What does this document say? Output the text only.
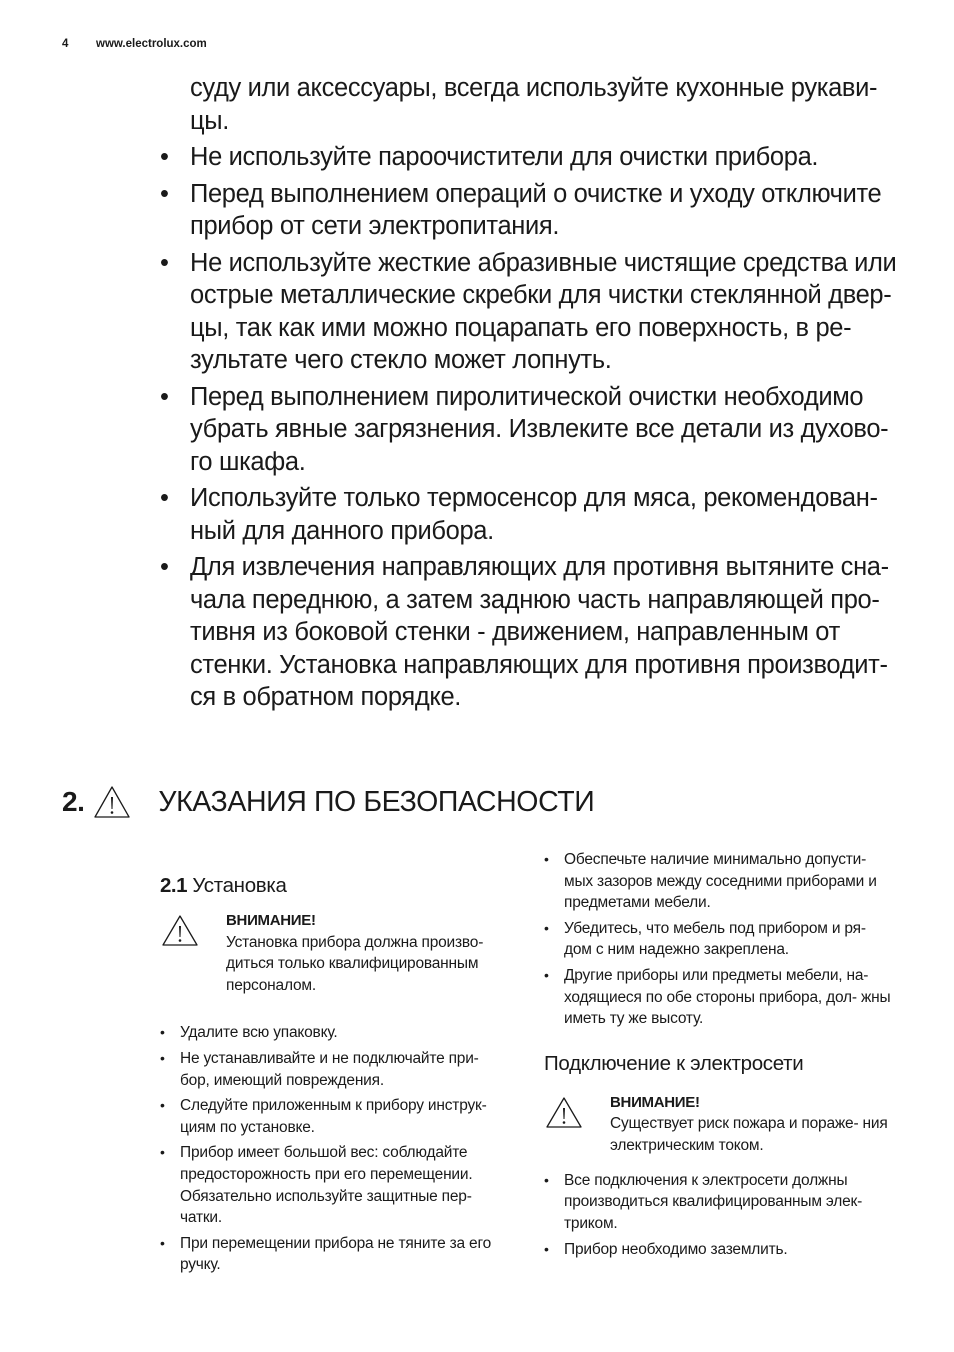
4 www.electrolux.com
суду или аксессуары, всегда используйте кухонные рукави- цы.
• Не используйте пароочистители для очистки прибора.
• Перед выполнением операций о очистке и уходу отключите прибор от сети электропитания.
• Не используйте жесткие абразивные чистящие средства или острые металлические скребки для чистки стеклянной двер- цы, так как ими можно поцарапать его поверхность, в ре- зультате чего стекло может лопнуть.
• Перед выполнением пиролитической очистки необходимо убрать явные загрязнения. Извлеките все детали из духово- го шкафа.
• Используйте только термосенсор для мяса, рекомендован- ный для данного прибора.
• Для извлечения направляющих для противня вытяните сна- чала переднюю, а затем заднюю часть направляющей про- тивня из боковой стенки - движением, направленным от стенки. Установка направляющих для противня производит- ся в обратном порядке.
2.	УКАЗАНИЯ ПО БЕЗОПАСНОСТИ
2.1 Установка
ВНИМАНИЕ!
Установка прибора должна произво- диться только квалифицированным персоналом.
• Удалите всю упаковку.
• Не устанавливайте и не подключайте при- бор, имеющий повреждения.
• Следуйте приложенным к прибору инструк- циям по установке.
• Прибор имеет большой вес: соблюдайте предосторожность при его перемещении. Обязательно используйте защитные пер- чатки.
• При перемещении прибора не тяните за его ручку.
• Обеспечьте наличие минимально допусти- мых зазоров между соседними приборами и предметами мебели.
• Убедитесь, что мебель под прибором и ря- дом с ним надежно закреплена.
• Другие приборы или предметы мебели, на- ходящиеся по обе стороны прибора, дол- жны иметь ту же высоту.
Подключение к электросети
ВНИМАНИЕ!
Существует риск пожара и пораже- ния электрическим током.
• Все подключения к электросети должны производиться квалифицированным элек- триком.
• Прибор необходимо заземлить.
